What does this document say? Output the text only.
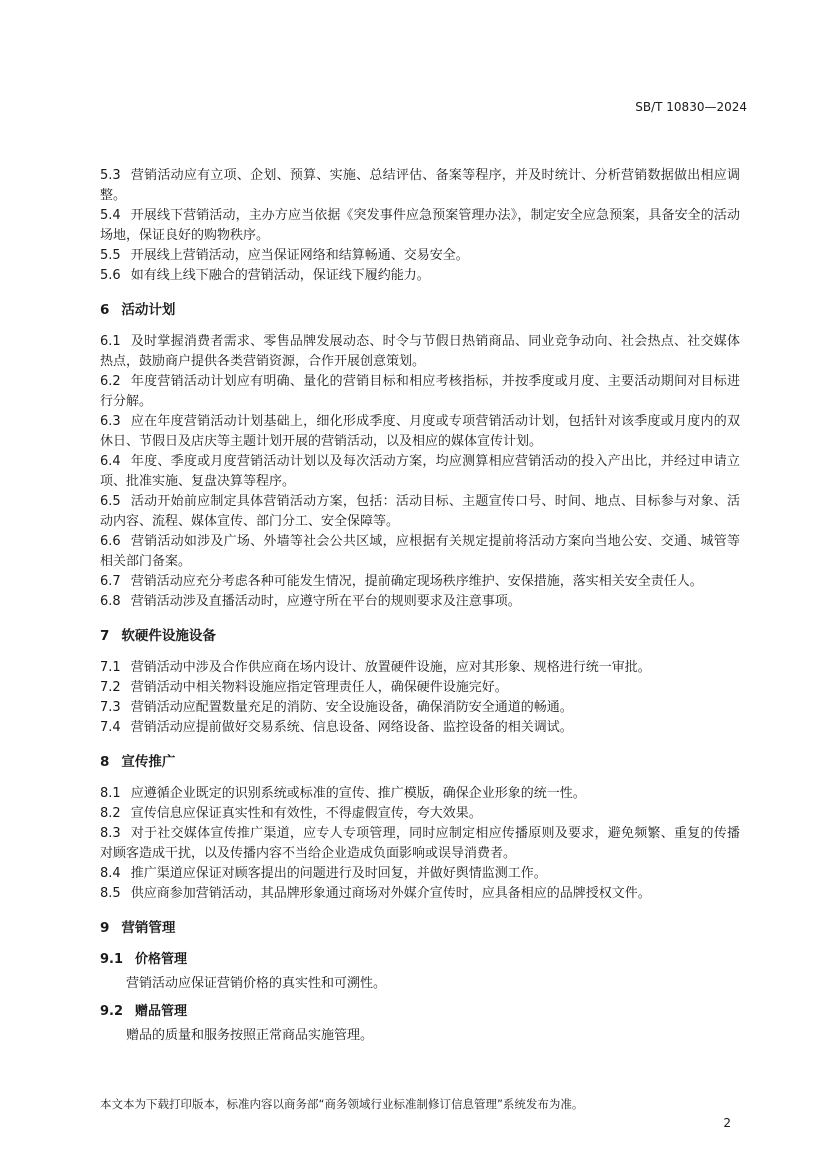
SB/T 10830—2024

5.3 营销活动应有立项、企划、预算、实施、总结评估、备案等程序，并及时统计、分析营销数据做出相应调整。

5.4 开展线下营销活动，主办方应当依据《突发事件应急预案管理办法》，制定安全应急预案，具备安全的活动场地，保证良好的购物秩序。

5.5 开展线上营销活动，应当保证网络和结算畅通、交易安全。

5.6 如有线上线下融合的营销活动，保证线下履约能力。

6 活动计划

6.1 及时掌握消费者需求、零售品牌发展动态、时令与节假日热销商品、同业竞争动向、社会热点、社交媒体热点，鼓励商户提供各类营销资源，合作开展创意策划。

6.2 年度营销活动计划应有明确、量化的营销目标和相应考核指标，并按季度或月度、主要活动期间对目标进行分解。

6.3 应在年度营销活动计划基础上，细化形成季度、月度或专项营销活动计划，包括针对该季度或月度内的双休日、节假日及店庆等主题计划开展的营销活动，以及相应的媒体宣传计划。

6.4 年度、季度或月度营销活动计划以及每次活动方案，均应测算相应营销活动的投入产出比，并经过申请立项、批准实施、复盘决算等程序。

6.5 活动开始前应制定具体营销活动方案，包括：活动目标、主题宣传口号、时间、地点、目标参与对象、活动内容、流程、媒体宣传、部门分工、安全保障等。

6.6 营销活动如涉及广场、外墙等社会公共区域，应根据有关规定提前将活动方案向当地公安、交通、城管等相关部门备案。

6.7 营销活动应充分考虑各种可能发生情况，提前确定现场秩序维护、安保措施，落实相关安全责任人。

6.8 营销活动涉及直播活动时，应遵守所在平台的规则要求及注意事项。

7 软硬件设施设备

7.1 营销活动中涉及合作供应商在场内设计、放置硬件设施，应对其形象、规格进行统一审批。

7.2 营销活动中相关物料设施应指定管理责任人，确保硬件设施完好。

7.3 营销活动应配置数量充足的消防、安全设施设备，确保消防安全通道的畅通。

7.4 营销活动应提前做好交易系统、信息设备、网络设备、监控设备的相关调试。

8 宣传推广

8.1 应遵循企业既定的识别系统或标准的宣传、推广模版，确保企业形象的统一性。

8.2 宣传信息应保证真实性和有效性，不得虚假宣传，夸大效果。

8.3 对于社交媒体宣传推广渠道，应专人专项管理，同时应制定相应传播原则及要求，避免频繁、重复的传播对顾客造成干扰，以及传播内容不当给企业造成负面影响或误导消费者。

8.4 推广渠道应保证对顾客提出的问题进行及时回复，并做好舆情监测工作。

8.5 供应商参加营销活动，其品牌形象通过商场对外媒介宣传时，应具备相应的品牌授权文件。

9 营销管理
9.1 价格管理

营销活动应保证营销价格的真实性和可溯性。

9.2 赠品管理

赠品的质量和服务按照正常商品实施管理。

本文本为下载打印版本，标准内容以商务部“商务领域行业标准制修订信息管理”系统发布为准。
2
